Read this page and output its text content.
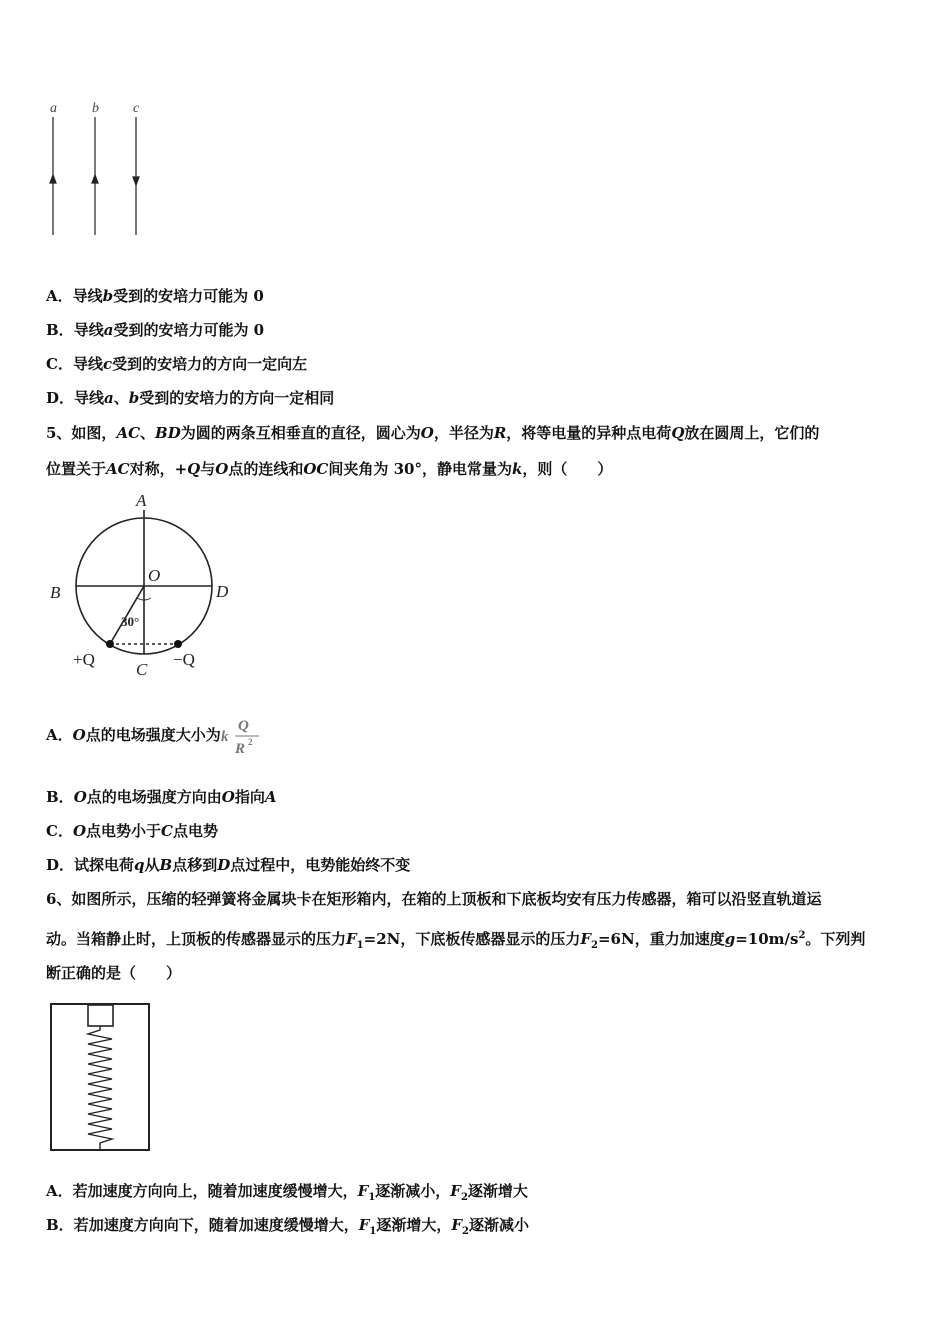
a	b c
A．导线b受到的安培力可能为 0
B．导线a受到的安培力可能为 0
C．导线c受到的安培力的方向一定向左
D．导线a、b受到的安培力的方向一定相同
5、如图，AC、BD为圆的两条互相垂直的直径，圆心为O，半径为R，将等电量的异种点电荷Q放在圆周上，它们的
位置关于AC对称，+Q与O点的连线和OC间夹角为 30°，静电常量为k，则（　　）
A
B	D
O
30°
+Q
C
−Q
A．O点的电场强度大小为 k
Q
R 2
B．O点的电场强度方向由O指向A
C．O点电势小于C点电势
D．试探电荷q从B点移到D点过程中，电势能始终不变
6、如图所示，压缩的轻弹簧将金属块卡在矩形箱内，在箱的上顶板和下底板均安有压力传感器，箱可以沿竖直轨道运
动。当箱静止时，上顶板的传感器显示的压力$F_1=2N$，下底板传感器显示的压力$F_2=6N$，重力加速度$g=10m/s^2$。下列判
断正确的是（　　）
A．若加速度方向向上，随着加速度缓慢增大，$F_1$逐渐减小，$F_2$逐渐增大
B．若加速度方向向下，随着加速度缓慢增大，$F_1$逐渐增大，$F_2$逐渐减小
